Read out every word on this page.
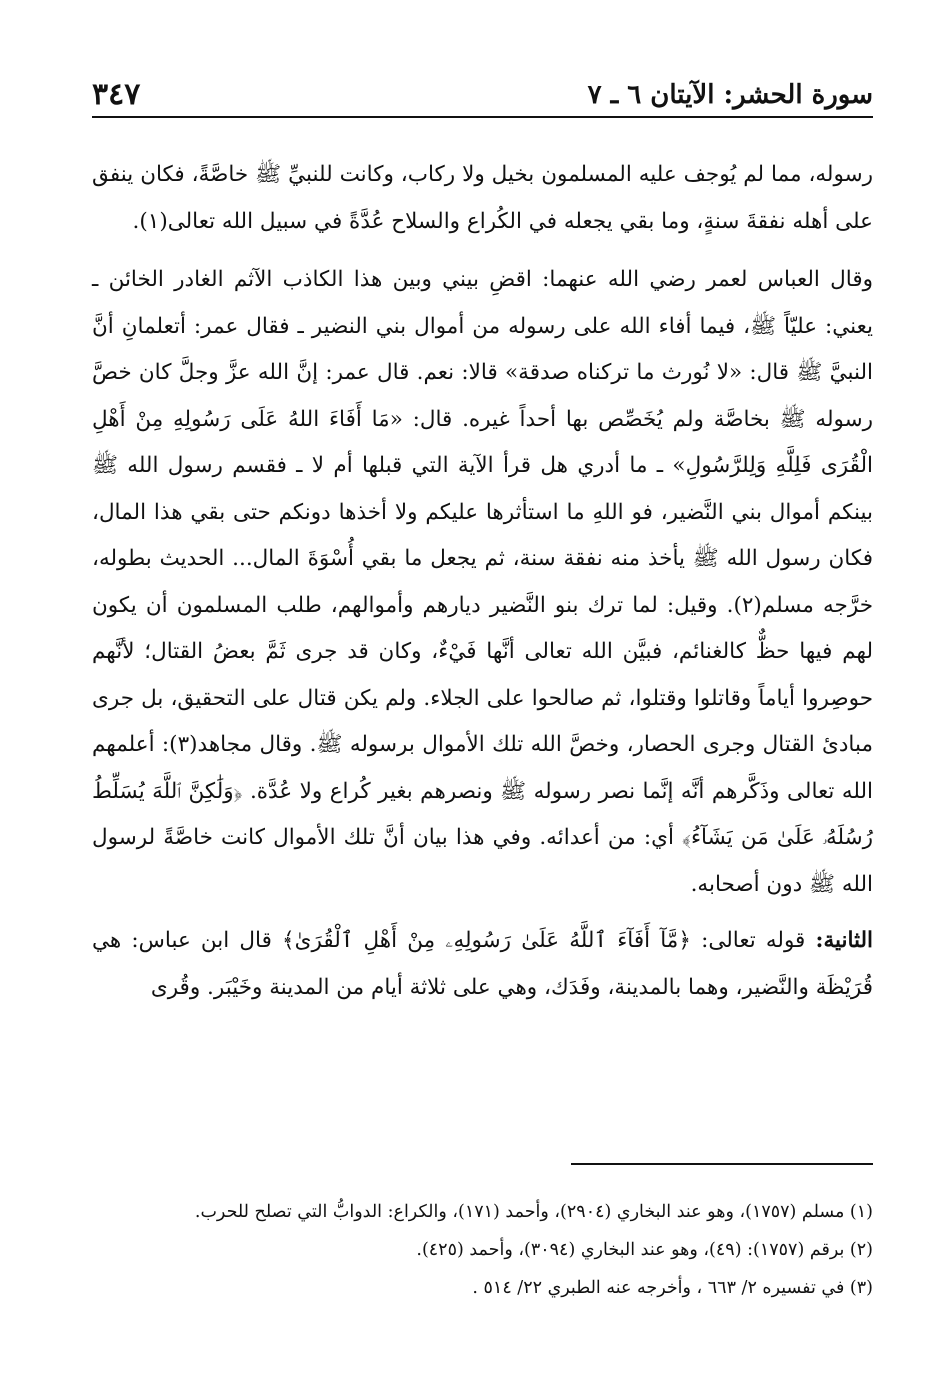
سورة الحشر: الآيتان ٦ ـ ٧
٣٤٧

رسوله، مما لم يُوجف عليه المسلمون بخيل ولا ركاب، وكانت للنبيِّ ﷺ خاصَّةً، فكان ينفق على أهله نفقةَ سنةٍ، وما بقي يجعله في الكُراع والسلاح عُدَّةً في سبيل الله تعالى(١).

وقال العباس لعمر رضي الله عنهما: اقضِ بيني وبين هذا الكاذب الآثم الغادر الخائن ـ يعني: عليّاً ﷺ، فيما أفاء الله على رسوله من أموال بني النضير ـ فقال عمر: أتعلمانِ أنَّ النبيَّ ﷺ قال: «لا نُورث ما تركناه صدقة» قالا: نعم. قال عمر: إنَّ الله عزَّ وجلَّ كان خصَّ رسوله ﷺ بخاصَّة ولم يُخَصِّص بها أحداً غيره. قال: «مَا أَفَاءَ اللهُ عَلَى رَسُولِهِ مِنْ أَهْلِ الْقُرَى فَلِلَّهِ وَلِلرَّسُولِ» ـ ما أدري هل قرأ الآية التي قبلها أم لا ـ فقسم رسول الله ﷺ بينكم أموال بني النَّضير، فو اللهِ ما استأثرها عليكم ولا أخذها دونكم حتى بقي هذا المال، فكان رسول الله ﷺ يأخذ منه نفقة سنة، ثم يجعل ما بقي أُسْوَةَ المال... الحديث بطوله، خرَّجه مسلم(٢). وقيل: لما ترك بنو النَّضير ديارهم وأموالهم، طلب المسلمون أن يكون لهم فيها حظٌّ كالغنائم، فبيَّن الله تعالى أنَّها فَيْءٌ، وكان قد جرى ثَمَّ بعضُ القتال؛ لأنَّهم حوصِروا أياماً وقاتلوا وقتلوا، ثم صالحوا على الجلاء. ولم يكن قتال على التحقيق، بل جرى مبادئ القتال وجرى الحصار، وخصَّ الله تلك الأموال برسوله ﷺ. وقال مجاهد(٣): أعلمهم الله تعالى وذَكَّرهم أنَّه إنَّما نصر رسوله ﷺ ونصرهم بغير كُراع ولا عُدَّة. ﴿وَلَٰكِنَّ ٱللَّهَ يُسَلِّطُ رُسُلَهُۥ عَلَىٰ مَن يَشَآءُ﴾ أي: من أعدائه. وفي هذا بيان أنَّ تلك الأموال كانت خاصَّةً لرسول الله ﷺ دون أصحابه.

الثانية: قوله تعالى: ﴿مَّآ أَفَآءَ ٱللَّهُ عَلَىٰ رَسُولِهِۦ مِنْ أَهْلِ ٱلْقُرَىٰ﴾ قال ابن عباس: هي قُرَيْظَة والنَّضير، وهما بالمدينة، وفَدَك، وهي على ثلاثة أيام من المدينة وخَيْبَر. وقُرى

(١) مسلم (١٧٥٧)، وهو عند البخاري (٢٩٠٤)، وأحمد (١٧١)، والكراع: الدوابُّ التي تصلح للحرب.

(٢) برقم (١٧٥٧): (٤٩)، وهو عند البخاري (٣٠٩٤)، وأحمد (٤٢٥).

(٣) في تفسيره ٢/ ٦٦٣ ، وأخرجه عنه الطبري ٢٢/ ٥١٤ .
